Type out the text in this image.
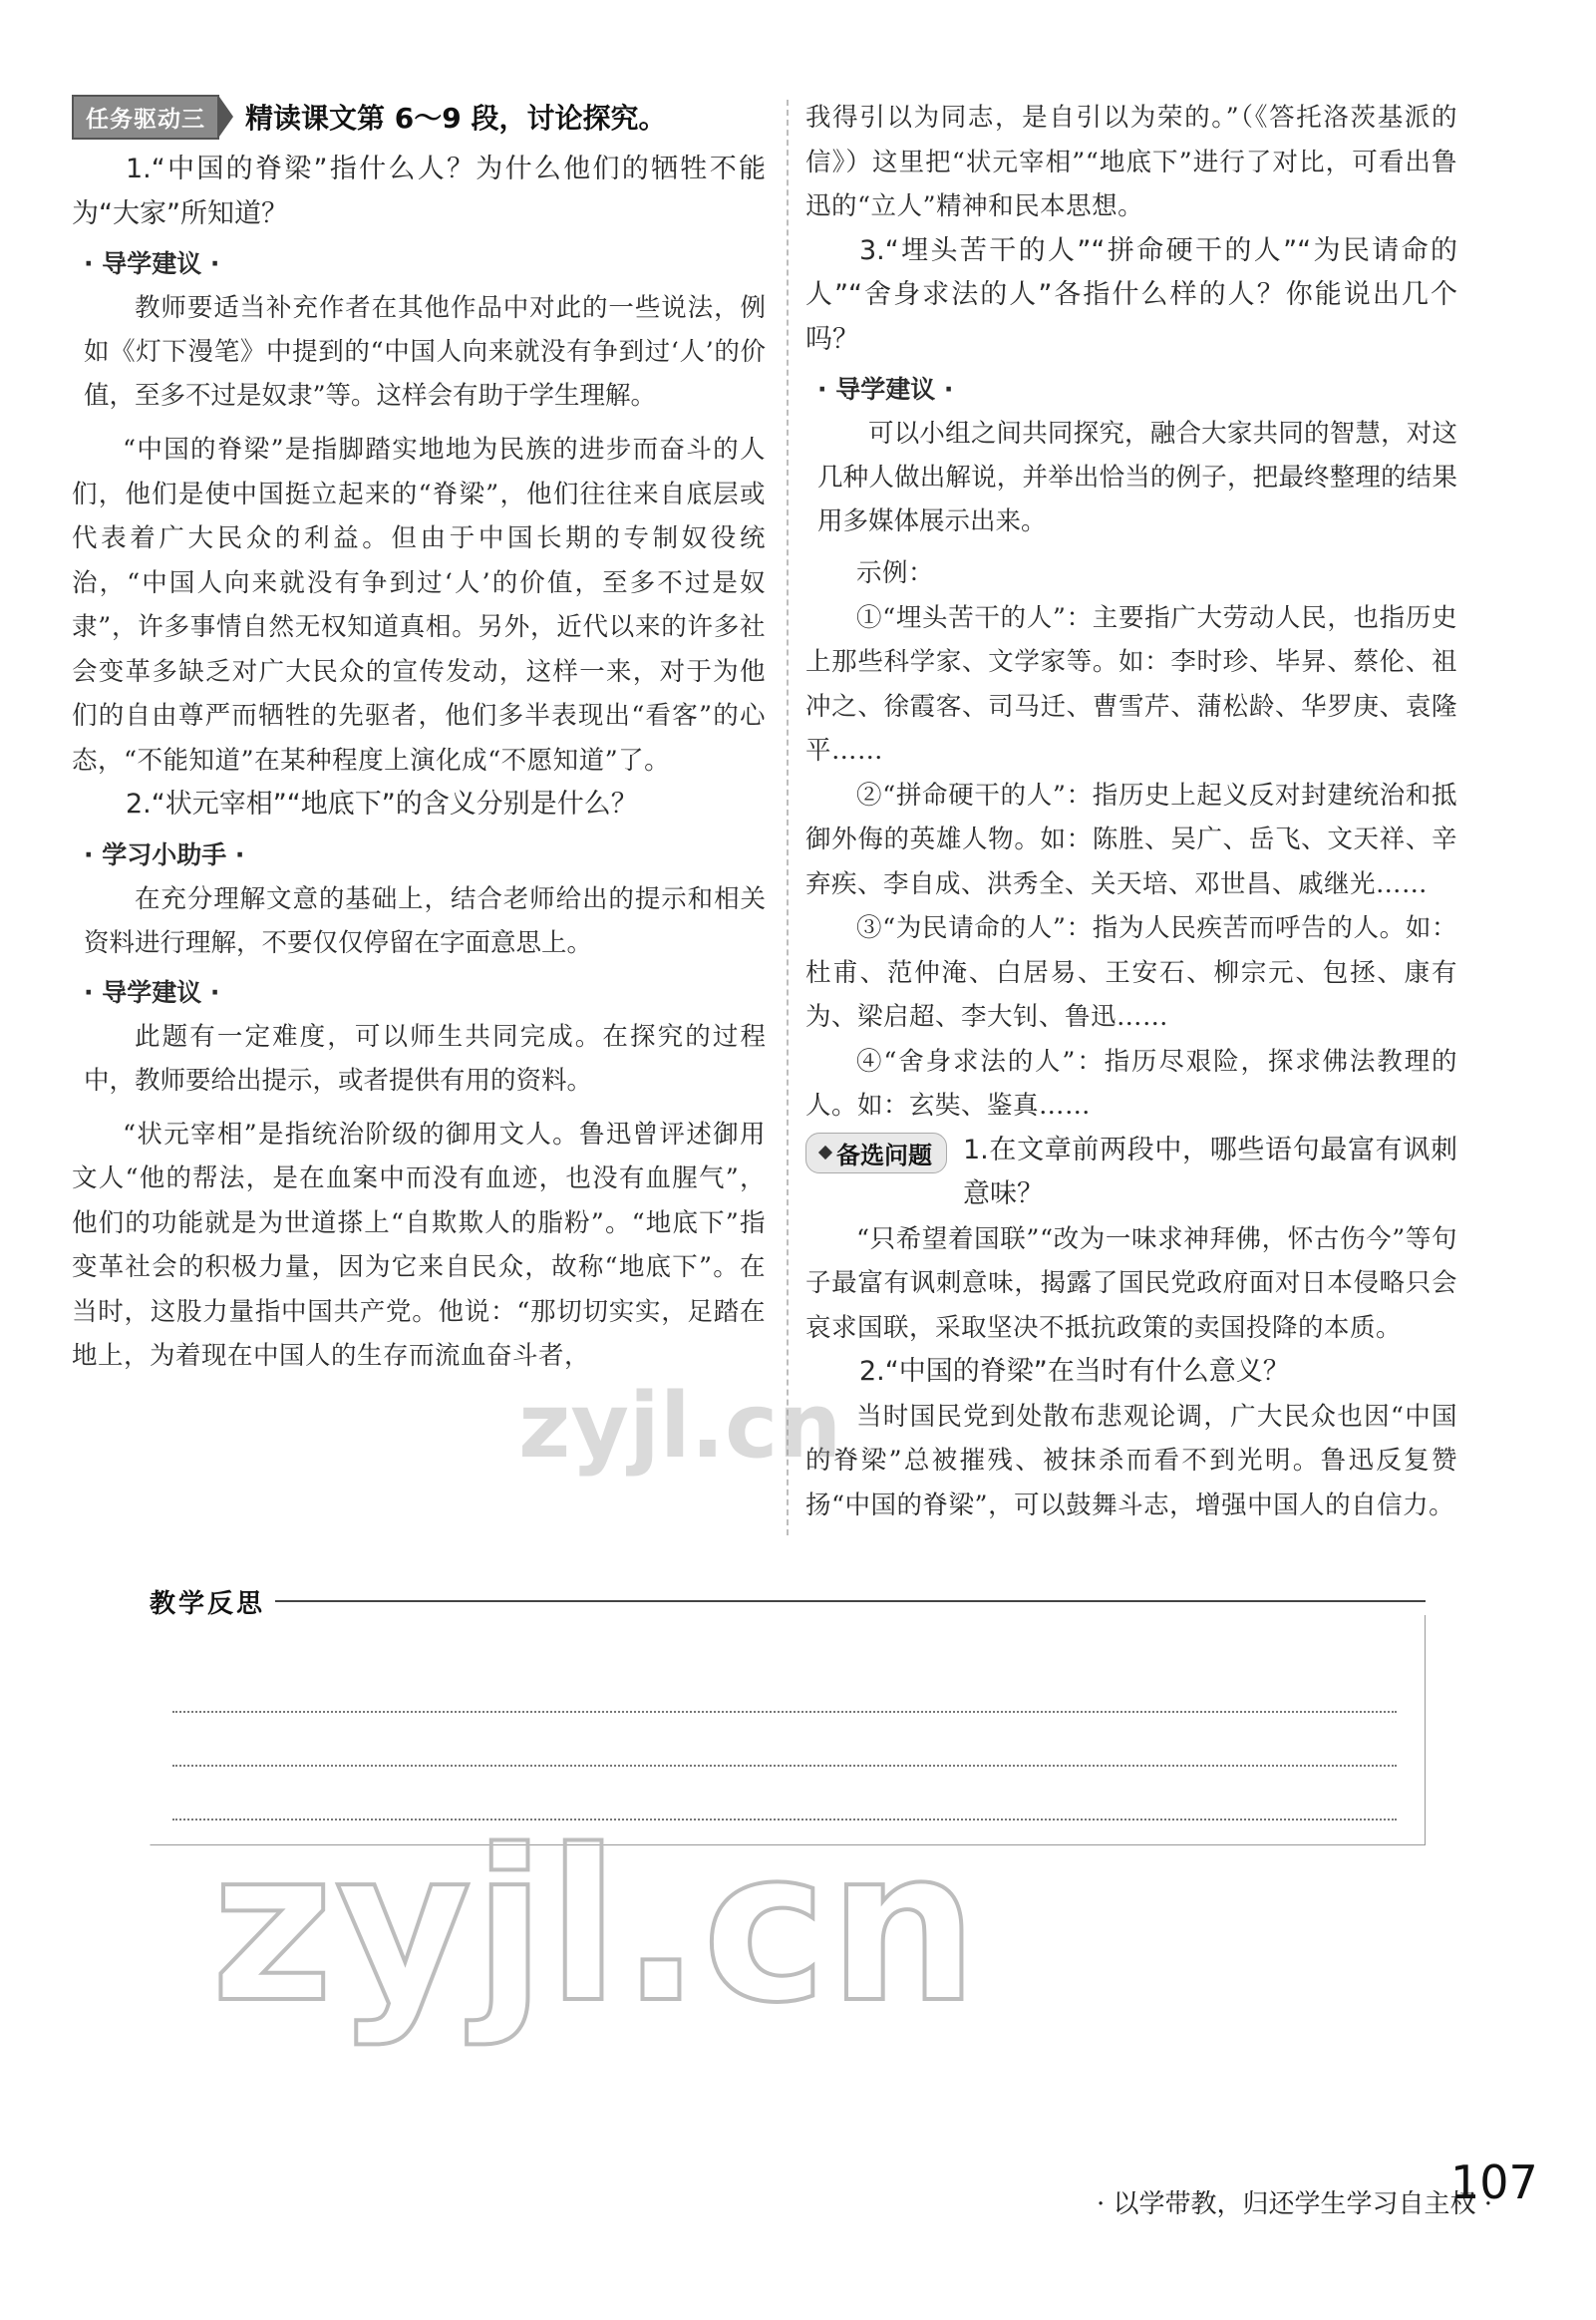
任务驱动三	精读课文第 6～9 段，讨论探究。

1.“中国的脊梁”指什么人？为什么他们的牺牲不能为“大家”所知道？

· 导学建议 ·

教师要适当补充作者在其他作品中对此的一些说法，例如《灯下漫笔》中提到的“中国人向来就没有争到过‘人’的价值，至多不过是奴隶”等。这样会有助于学生理解。

“中国的脊梁”是指脚踏实地地为民族的进步而奋斗的人们，他们是使中国挺立起来的“脊梁”，他们往往来自底层或代表着广大民众的利益。但由于中国长期的专制奴役统治，“中国人向来就没有争到过‘人’的价值，至多不过是奴隶”，许多事情自然无权知道真相。另外，近代以来的许多社会变革多缺乏对广大民众的宣传发动，这样一来，对于为他们的自由尊严而牺牲的先驱者，他们多半表现出“看客”的心态，“不能知道”在某种程度上演化成“不愿知道”了。

2.“状元宰相”“地底下”的含义分别是什么？

· 学习小助手 ·

在充分理解文意的基础上，结合老师给出的提示和相关资料进行理解，不要仅仅停留在字面意思上。

· 导学建议 ·

此题有一定难度，可以师生共同完成。在探究的过程中，教师要给出提示，或者提供有用的资料。

“状元宰相”是指统治阶级的御用文人。鲁迅曾评述御用文人“他的帮法，是在血案中而没有血迹，也没有血腥气”，他们的功能就是为世道搽上“自欺欺人的脂粉”。“地底下”指变革社会的积极力量，因为它来自民众，故称“地底下”。在当时，这股力量指中国共产党。他说：“那切切实实，足踏在地上，为着现在中国人的生存而流血奋斗者，

我得引以为同志，是自引以为荣的。”（《答托洛茨基派的信》）这里把“状元宰相”“地底下”进行了对比，可看出鲁迅的“立人”精神和民本思想。

3.“埋头苦干的人”“拼命硬干的人”“为民请命的人”“舍身求法的人”各指什么样的人？你能说出几个吗？

· 导学建议 ·

可以小组之间共同探究，融合大家共同的智慧，对这几种人做出解说，并举出恰当的例子，把最终整理的结果用多媒体展示出来。

示例：

①“埋头苦干的人”：主要指广大劳动人民，也指历史上那些科学家、文学家等。如：李时珍、毕昇、蔡伦、祖冲之、徐霞客、司马迁、曹雪芹、蒲松龄、华罗庚、袁隆平……

②“拼命硬干的人”：指历史上起义反对封建统治和抵御外侮的英雄人物。如：陈胜、吴广、岳飞、文天祥、辛弃疾、李自成、洪秀全、关天培、邓世昌、戚继光……

③“为民请命的人”：指为人民疾苦而呼告的人。如：杜甫、范仲淹、白居易、王安石、柳宗元、包拯、康有为、梁启超、李大钊、鲁迅……

④“舍身求法的人”：指历尽艰险，探求佛法教理的人。如：玄奘、鉴真……

备选问题 1.在文章前两段中，哪些语句最富有讽刺意味？

“只希望着国联”“改为一味求神拜佛，怀古伤今”等句子最富有讽刺意味，揭露了国民党政府面对日本侵略只会哀求国联，采取坚决不抵抗政策的卖国投降的本质。

2.“中国的脊梁”在当时有什么意义？

当时国民党到处散布悲观论调，广大民众也因“中国的脊梁”总被摧残、被抹杀而看不到光明。鲁迅反复赞扬“中国的脊梁”，可以鼓舞斗志，增强中国人的自信力。

教学反思
zyjl.cn
zyjl.cn
· 以学带教，归还学生学习自主权 ·
107
